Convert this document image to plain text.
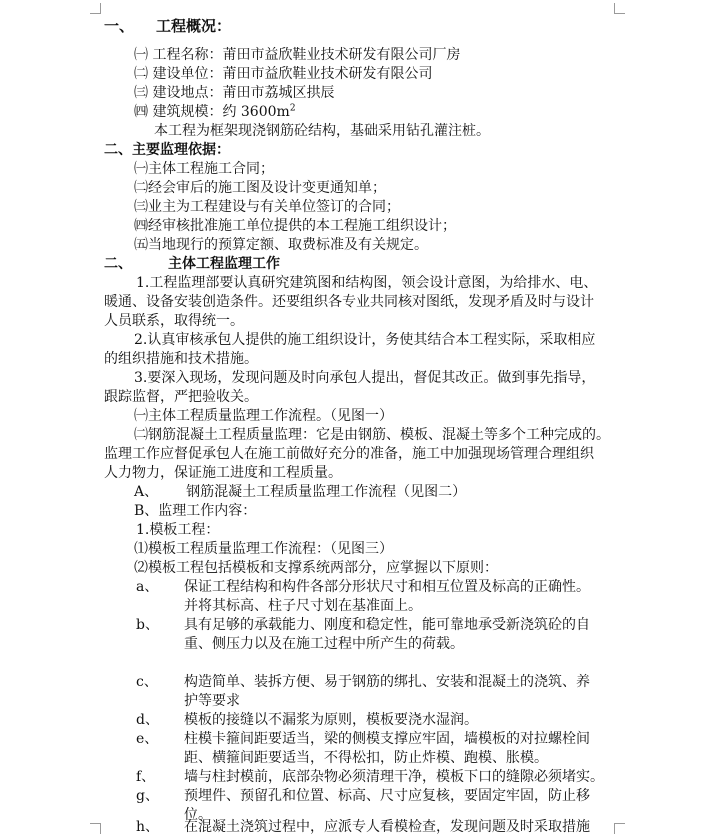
一、 工程概况：
㈠ 工程名称：莆田市益欣鞋业技术研发有限公司厂房
㈡ 建设单位：莆田市益欣鞋业技术研发有限公司
㈢ 建设地点：莆田市荔城区拱辰
㈣ 建筑规模：约 $3600m^2$
本工程为框架现浇钢筋砼结构，基础采用钻孔灌注桩。
二、主要监理依据：
㈠主体工程施工合同；
㈡经会审后的施工图及设计变更通知单；
㈢业主为工程建设与有关单位签订的合同；
㈣经审核批准施工单位提供的本工程施工组织设计；
㈤当地现行的预算定额、取费标准及有关规定。
二、	主体工程监理工作
1.工程监理部要认真研究建筑图和结构图，领会设计意图，为给排水、电、
暖通、设备安装创造条件。还要组织各专业共同核对图纸，发现矛盾及时与设计
人员联系，取得统一。
2.认真审核承包人提供的施工组织设计，务使其结合本工程实际，采取相应
的组织措施和技术措施。
3.要深入现场，发现问题及时向承包人提出，督促其改正。做到事先指导，
跟踪监督，严把验收关。
㈠主体工程质量监理工作流程。（见图一）
㈡钢筋混凝土工程质量监理：它是由钢筋、模板、混凝土等多个工种完成的。
监理工作应督促承包人在施工前做好充分的准备，施工中加强现场管理合理组织
人力物力，保证施工进度和工程质量。
A、 钢筋混凝土工程质量监理工作流程（见图二）
B、监理工作内容：
1.模板工程：
⑴模板工程质量监理工作流程：（见图三）
⑵模板工程包括模板和支撑系统两部分，应掌握以下原则：
a、 保证工程结构和构件各部分形状尺寸和相互位置及标高的正确性。
并将其标高、柱子尺寸划在基准面上。
b、 具有足够的承载能力、刚度和稳定性，能可靠地承受新浇筑砼的自
重、侧压力以及在施工过程中所产生的荷载。
c、 构造简单、装拆方便、易于钢筋的绑扎、安装和混凝土的浇筑、养
护等要求
d、 模板的接缝以不漏浆为原则，模板要浇水湿润。
e、 柱模卡箍间距要适当，梁的侧模支撑应牢固，墙模板的对拉螺栓间
距、横箍间距要适当，不得松扣，防止炸模、跑模、胀模。
f、 墙与柱封模前，底部杂物必须清理干净，模板下口的缝隙必须堵实。
g、 预埋件、预留孔和位置、标高、尺寸应复核，要固定牢固，防止移
位。
h、 在混凝土浇筑过程中，应派专人看模检查，发现问题及时采取措施
